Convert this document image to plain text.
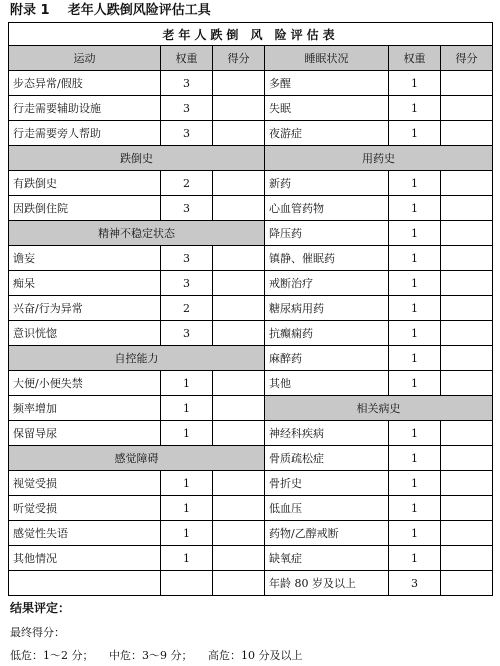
附录 1 老年人跌倒风险评估工具
老年人跌倒 风 险评估表					
运动	权重	得分	睡眠状况	权重	得分
步态异常/假肢	3		多醒	1	
行走需要辅助设施	3		失眠	1	
行走需要旁人帮助	3		夜游症	1	
跌倒史			用药史		
有跌倒史	2		新药	1	
因跌倒住院	3		心血管药物	1	
精神不稳定状态			降压药	1	
谵妄	3		镇静、催眠药	1	
痴呆	3		戒断治疗	1	
兴奋/行为异常	2		糖尿病用药	1	
意识恍惚	3		抗癫痫药	1	
自控能力			麻醉药	1	
大便/小便失禁	1		其他	1	
频率增加	1		相关病史		
保留导尿	1		神经科疾病	1	
感觉障碍			骨质疏松症	1	
视觉受损	1		骨折史	1	
听觉受损	1		低血压	1	
感觉性失语	1		药物/乙醇戒断	1	
其他情况	1		缺氧症	1	
			年龄 80 岁及以上	3	
结果评定：
最终得分：
低危：1～2 分； 中危：3～9 分； 高危：10 分及以上
